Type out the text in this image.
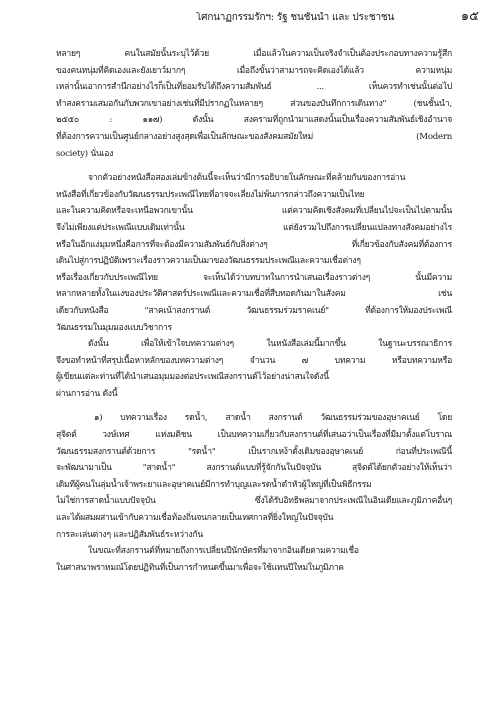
โศกนาฏกรรมรักฯ: รัฐ ชนชั้นนำ และ ประชาชน	๑๕
หลายๆ คนในสมัยนั้นระบุไว้ด้วย เมื่อแล้วในความเป็นจริงจำเป็นต้องประกอบทางความรู้สึก
ของคนหนุ่มที่คิดเองและยังเยาว์มากๆ เมื่อถึงขั้นว่าสามารถจะคิดเองได้แล้ว ความหนุ่ม
เหล่านั้นเอาการสำนึกอย่างไรก็เป็นที่ยอมรับได้ถึงความสัมพันธ์ ... เห็นควรทำเช่นนั้นต่อไป
ทำสงครามเสมอกันกับพวกเขาอย่างเช่นที่มีปรากฏในหลายๆ ส่วนของบันทึกการเดินทาง" (ชนชั้นนำ,
๒๕๕๐ : ๑๑๗) ดังนั้น สงครามที่ถูกนำมาแสดงนั้นเป็นเรื่องความสัมพันธ์เชิงอำนาจ
ที่ต้องการความเป็นศูนย์กลางอย่างสูงสุดเพื่อเป็นลักษณะของสังคมสมัยใหม่ (Modern
society) นั่นเอง
จากตัวอย่างหนังสือสองเล่มข้างต้นนี้จะเห็นว่ามีการอธิบายในลักษณะที่คล้ายกันของการอ่าน
หนังสือที่เกี่ยวข้องกับวัฒนธรรมประเพณีไทยที่อาจจะเลี่ยงไม่พ้นการกล่าวถึงความเป็นไทย
และในความคิดหรือจะเหนือพวกเขานั้น แต่ความคิดเชิงสังคมที่เปลี่ยนไปจะเป็นไปตามนั้น
จึงไม่เพียงแต่ประเพณีแบบเดิมเท่านั้น แต่ยังรวมไปถึงการเปลี่ยนแปลงทางสังคมอย่างไร
หรือในอีกแง่มุมหนึ่งคือการที่จะต้องมีความสัมพันธ์กับสิ่งต่างๆ ที่เกี่ยวข้องกับสังคมที่ต้องการ
เดินไปสู่การปฏิบัติเพราะเรื่องราวความเป็นมาของวัฒนธรรมประเพณีและความเชื่อต่างๆ
หรือเรื่องเกี่ยวกับประเพณีไทย จะเห็นได้ว่าบทบาทในการนำเสนอเรื่องราวต่างๆ นั้นมีความ
หลากหลายทั้งในแง่ของประวัติศาสตร์ประเพณีและความเชื่อที่สืบทอดกันมาในสังคม เช่น
เดียวกับหนังสือ "สาคเน้าสงกรานต์ วัฒนธรรมร่วมราคเนย์" ที่ต้องการให้มองประเพณี
วัฒนธรรมในมุมมองแบบวิชาการ
ดังนั้น เพื่อให้เข้าใจบทความต่างๆ ในหนังสือเล่มนี้มากขึ้น ในฐานะบรรณาธิการ
จึงขอทำหน้าที่สรุปเนื้อหาหลักของบทความต่างๆ จำนวน ๗ บทความ หรือบทความหรือ
ผู้เขียนแต่ละท่านที่ได้นำเสนอมุมมองต่อประเพณีสงกรานต์ไว้อย่างน่าสนใจดังนี้
ผ่านการอ่าน ดังนี้
๑) บทความเรื่อง รดน้ำ, สาดน้ำ สงกรานต์ วัฒนธรรมร่วมของอุษาคเนย์ โดย
สุจิตต์ วงษ์เทศ แห่งมติชน เป็นบทความเกี่ยวกับสงกรานต์ที่เสนอว่าเป็นเรื่องที่มีมาตั้งแต่โบราณ
วัฒนธรรมสงกรานต์ด้วยการ "รดน้ำ" เป็นรากเหง้าดั้งเดิมของอุษาคเนย์ ก่อนที่ประเพณีนี้
จะพัฒนามาเป็น "สาดน้ำ" สงกรานต์แบบที่รู้จักกันในปัจจุบัน สุจิตต์ได้ยกตัวอย่างให้เห็นว่า
เดิมทีผู้คนในลุ่มน้ำเจ้าพระยาและอุษาคเนย์มีการทำบุญและรดน้ำดำหัวผู้ใหญ่ที่เป็นพิธีกรรม
ไม่ใช่การสาดน้ำแบบปัจจุบัน ซึ่งได้รับอิทธิพลมาจากประเพณีในอินเดียและภูมิภาคอื่นๆ
และได้ผสมผสานเข้ากับความเชื่อท้องถิ่นจนกลายเป็นเทศกาลที่ยิ่งใหญ่ในปัจจุบัน
การละเล่นต่างๆ และปฏิสัมพันธ์ระหว่างกัน
ในขณะที่สงกรานต์ที่หมายถึงการเปลี่ยนปีนักษัตรที่มาจากอินเดียตามความเชื่อ
ในศาสนาพราหมณ์โดยปฏิทินที่เป็นการกำหนดขึ้นมาเพื่อจะใช้แทนปีใหม่ในภูมิภาค
